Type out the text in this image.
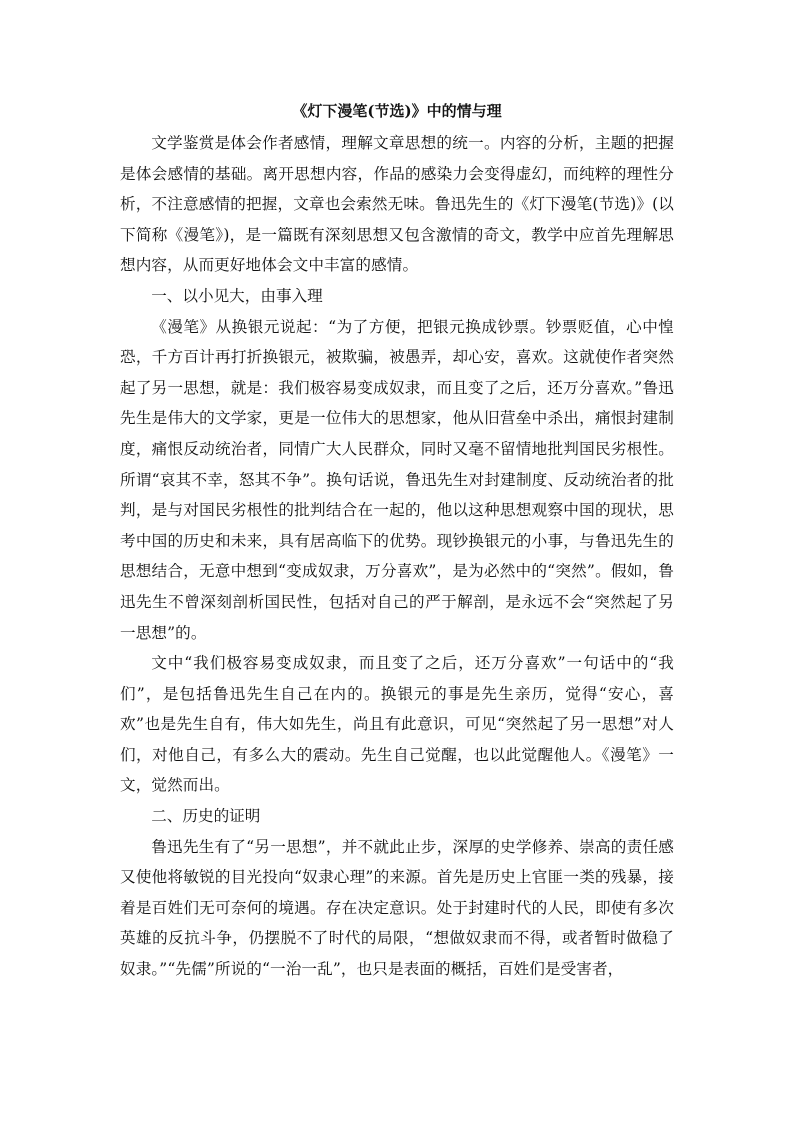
《灯下漫笔(节选)》中的情与理

文学鉴赏是体会作者感情，理解文章思想的统一。内容的分析，主题的把握是体会感情的基础。离开思想内容，作品的感染力会变得虚幻，而纯粹的理性分析，不注意感情的把握，文章也会索然无味。鲁迅先生的《灯下漫笔(节选)》(以下简称《漫笔》)，是一篇既有深刻思想又包含激情的奇文，教学中应首先理解思想内容，从而更好地体会文中丰富的感情。

一、以小见大，由事入理

《漫笔》从换银元说起：“为了方便，把银元换成钞票。钞票贬值，心中惶恐，千方百计再打折换银元，被欺骗，被愚弄，却心安，喜欢。这就使作者突然起了另一思想，就是：我们极容易变成奴隶，而且变了之后，还万分喜欢。”鲁迅先生是伟大的文学家，更是一位伟大的思想家，他从旧营垒中杀出，痛恨封建制度，痛恨反动统治者，同情广大人民群众，同时又毫不留情地批判国民劣根性。所谓“哀其不幸，怒其不争”。换句话说，鲁迅先生对封建制度、反动统治者的批判，是与对国民劣根性的批判结合在一起的，他以这种思想观察中国的现状，思考中国的历史和未来，具有居高临下的优势。现钞换银元的小事，与鲁迅先生的思想结合，无意中想到“变成奴隶，万分喜欢”，是为必然中的“突然”。假如，鲁迅先生不曾深刻剖析国民性，包括对自己的严于解剖，是永远不会“突然起了另一思想”的。

文中“我们极容易变成奴隶，而且变了之后，还万分喜欢”一句话中的“我们”，是包括鲁迅先生自己在内的。换银元的事是先生亲历，觉得“安心，喜欢”也是先生自有，伟大如先生，尚且有此意识，可见“突然起了另一思想”对人们，对他自己，有多么大的震动。先生自己觉醒，也以此觉醒他人。《漫笔》一文，觉然而出。

二、历史的证明

鲁迅先生有了“另一思想”，并不就此止步，深厚的史学修养、崇高的责任感又使他将敏锐的目光投向“奴隶心理”的来源。首先是历史上官匪一类的残暴，接着是百姓们无可奈何的境遇。存在决定意识。处于封建时代的人民，即使有多次英雄的反抗斗争，仍摆脱不了时代的局限，“想做奴隶而不得，或者暂时做稳了奴隶。”“先儒”所说的“一治一乱”，也只是表面的概括，百姓们是受害者，
